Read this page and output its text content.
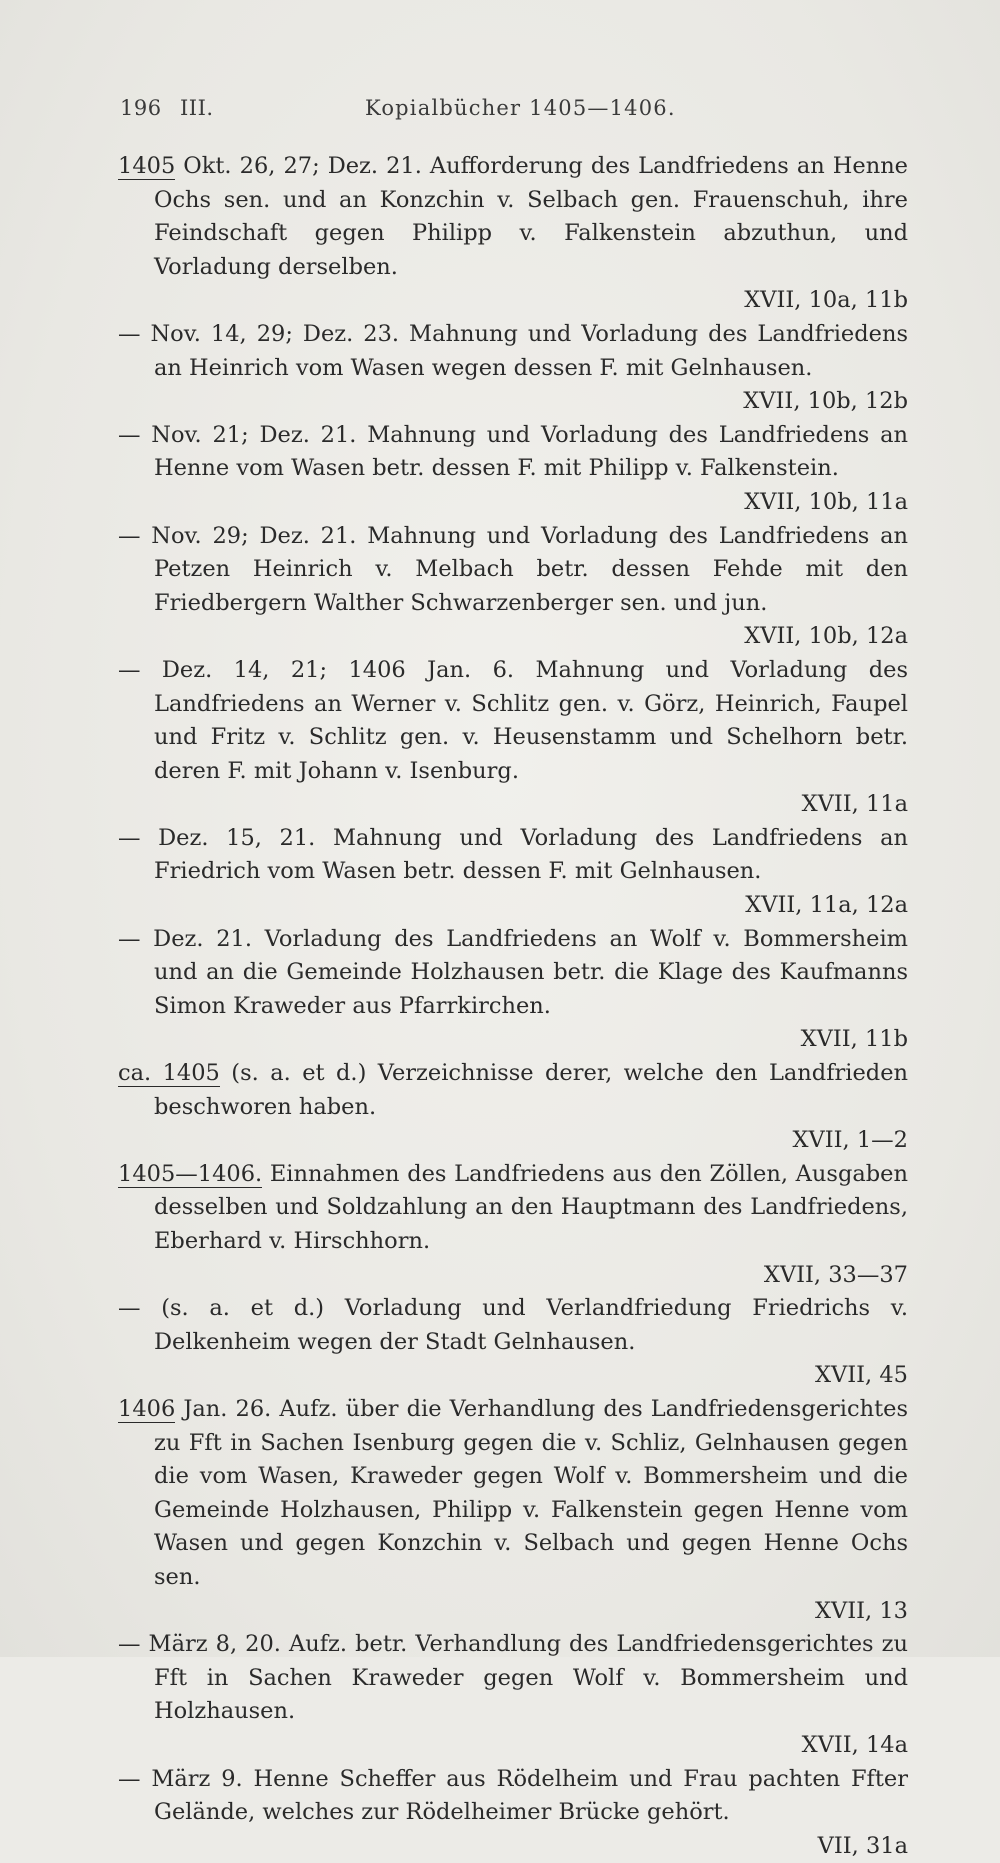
196 III.	Kopialbücher 1405—1406.
1405 Okt. 26, 27; Dez. 21. Aufforderung des Landfriedens an Henne Ochs sen. und an Konzchin v. Selbach gen. Frauenschuh, ihre Feindschaft gegen Philipp v. Falkenstein abzuthun, und Vorladung derselben.
XVII, 10a, 11b
— Nov. 14, 29; Dez. 23. Mahnung und Vorladung des Landfriedens an Heinrich vom Wasen wegen dessen F. mit Gelnhausen.
XVII, 10b, 12b
— Nov. 21; Dez. 21. Mahnung und Vorladung des Landfriedens an Henne vom Wasen betr. dessen F. mit Philipp v. Falkenstein.
XVII, 10b, 11a
— Nov. 29; Dez. 21. Mahnung und Vorladung des Landfriedens an Petzen Heinrich v. Melbach betr. dessen Fehde mit den Friedbergern Walther Schwarzenberger sen. und jun.
XVII, 10b, 12a
— Dez. 14, 21; 1406 Jan. 6. Mahnung und Vorladung des Landfriedens an Werner v. Schlitz gen. v. Görz, Heinrich, Faupel und Fritz v. Schlitz gen. v. Heusenstamm und Schelhorn betr. deren F. mit Johann v. Isenburg.
XVII, 11a
— Dez. 15, 21. Mahnung und Vorladung des Landfriedens an Friedrich vom Wasen betr. dessen F. mit Gelnhausen.
XVII, 11a, 12a
— Dez. 21. Vorladung des Landfriedens an Wolf v. Bommersheim und an die Gemeinde Holzhausen betr. die Klage des Kaufmanns Simon Kraweder aus Pfarrkirchen.
XVII, 11b
ca. 1405 (s. a. et d.) Verzeichnisse derer, welche den Landfrieden beschworen haben.
XVII, 1—2
1405—1406. Einnahmen des Landfriedens aus den Zöllen, Ausgaben desselben und Soldzahlung an den Hauptmann des Landfriedens, Eberhard v. Hirschhorn.
XVII, 33—37
— (s. a. et d.) Vorladung und Verlandfriedung Friedrichs v. Delkenheim wegen der Stadt Gelnhausen.
XVII, 45
1406 Jan. 26. Aufz. über die Verhandlung des Landfriedensgerichtes zu Fft in Sachen Isenburg gegen die v. Schliz, Gelnhausen gegen die vom Wasen, Kraweder gegen Wolf v. Bommersheim und die Gemeinde Holzhausen, Philipp v. Falkenstein gegen Henne vom Wasen und gegen Konzchin v. Selbach und gegen Henne Ochs sen.
XVII, 13
— März 8, 20. Aufz. betr. Verhandlung des Landfriedensgerichtes zu Fft in Sachen Kraweder gegen Wolf v. Bommersheim und Holzhausen.
XVII, 14a
— März 9. Henne Scheffer aus Rödelheim und Frau pachten Ffter Gelände, welches zur Rödelheimer Brücke gehört.
VII, 31a
